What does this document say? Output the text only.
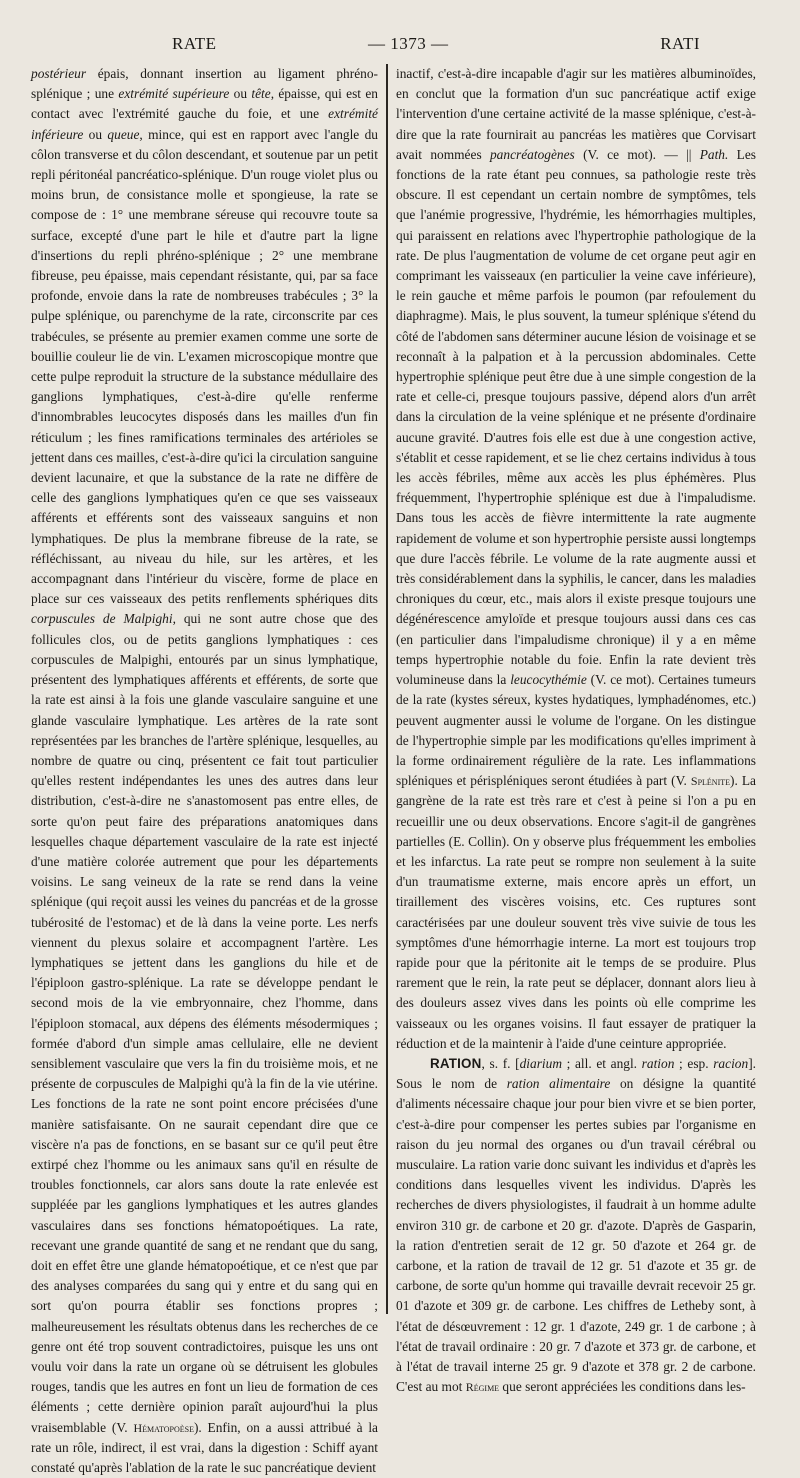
RATE	— 1373 —	RATI

postérieur épais, donnant insertion au ligament phréno-splénique ; une extrémité supérieure ou tête, épaisse, qui est en contact avec l'extrémité gauche du foie, et une extrémité inférieure ou queue, mince, qui est en rapport avec l'angle du côlon transverse et du côlon descendant, et soutenue par un petit repli péritonéal pancréatico-splénique. D'un rouge violet plus ou moins brun, de consistance molle et spongieuse, la rate se compose de : 1° une membrane séreuse qui recouvre toute sa surface, excepté d'une part le hile et d'autre part la ligne d'insertions du repli phréno-splénique ; 2° une membrane fibreuse, peu épaisse, mais cependant résistante, qui, par sa face profonde, envoie dans la rate de nombreuses trabécules ; 3° la pulpe splénique, ou parenchyme de la rate, circonscrite par ces trabécules, se présente au premier examen comme une sorte de bouillie couleur lie de vin. L'examen microscopique montre que cette pulpe reproduit la structure de la substance médullaire des ganglions lymphatiques, c'est-à-dire qu'elle renferme d'innombrables leucocytes disposés dans les mailles d'un fin réticulum ; les fines ramifications terminales des artérioles se jettent dans ces mailles, c'est-à-dire qu'ici la circulation sanguine devient lacunaire, et que la substance de la rate ne diffère de celle des ganglions lymphatiques qu'en ce que ses vaisseaux afférents et efférents sont des vaisseaux sanguins et non lymphatiques. De plus la membrane fibreuse de la rate, se réfléchissant, au niveau du hile, sur les artères, et les accompagnant dans l'intérieur du viscère, forme de place en place sur ces vaisseaux des petits renflements sphériques dits corpuscules de Malpighi, qui ne sont autre chose que des follicules clos, ou de petits ganglions lymphatiques : ces corpuscules de Malpighi, entourés par un sinus lymphatique, présentent des lymphatiques afférents et efférents, de sorte que la rate est ainsi à la fois une glande vasculaire sanguine et une glande vasculaire lymphatique. Les artères de la rate sont représentées par les branches de l'artère splénique, lesquelles, au nombre de quatre ou cinq, présentent ce fait tout particulier qu'elles restent indépendantes les unes des autres dans leur distribution, c'est-à-dire ne s'anastomosent pas entre elles, de sorte qu'on peut faire des préparations anatomiques dans lesquelles chaque département vasculaire de la rate est injecté d'une matière colorée autrement que pour les départements voisins. Le sang veineux de la rate se rend dans la veine splénique (qui reçoit aussi les veines du pancréas et de la grosse tubérosité de l'estomac) et de là dans la veine porte. Les nerfs viennent du plexus solaire et accompagnent l'artère. Les lymphatiques se jettent dans les ganglions du hile et de l'épiploon gastro-splénique. La rate se développe pendant le second mois de la vie embryonnaire, chez l'homme, dans l'épiploon stomacal, aux dépens des éléments mésodermiques ; formée d'abord d'un simple amas cellulaire, elle ne devient sensiblement vasculaire que vers la fin du troisième mois, et ne présente de corpuscules de Malpighi qu'à la fin de la vie utérine. Les fonctions de la rate ne sont point encore précisées d'une manière satisfaisante. On ne saurait cependant dire que ce viscère n'a pas de fonctions, en se basant sur ce qu'il peut être extirpé chez l'homme ou les animaux sans qu'il en résulte de troubles fonctionnels, car alors sans doute la rate enlevée est suppléée par les ganglions lymphatiques et les autres glandes vasculaires dans ses fonctions hématopoétiques. La rate, recevant une grande quantité de sang et ne rendant que du sang, doit en effet être une glande hématopoétique, et ce n'est que par des analyses comparées du sang qui y entre et du sang qui en sort qu'on pourra établir ses fonctions propres ; malheureusement les résultats obtenus dans les recherches de ce genre ont été trop souvent contradictoires, puisque les uns ont voulu voir dans la rate un organe où se détruisent les globules rouges, tandis que les autres en font un lieu de formation de ces éléments ; cette dernière opinion paraît aujourd'hui la plus vraisemblable (V. Hématopoèse). Enfin, on a aussi attribué à la rate un rôle, indirect, il est vrai, dans la digestion : Schiff ayant constaté qu'après l'ablation de la rate le suc pancréatique devient

inactif, c'est-à-dire incapable d'agir sur les matières albuminoïdes, en conclut que la formation d'un suc pancréatique actif exige l'intervention d'une certaine activité de la masse splénique, c'est-à-dire que la rate fournirait au pancréas les matières que Corvisart avait nommées pancréatogènes (V. ce mot). — || Path. Les fonctions de la rate étant peu connues, sa pathologie reste très obscure. Il est cependant un certain nombre de symptômes, tels que l'anémie progressive, l'hydrémie, les hémorrhagies multiples, qui paraissent en relations avec l'hypertrophie pathologique de la rate. De plus l'augmentation de volume de cet organe peut agir en comprimant les vaisseaux (en particulier la veine cave inférieure), le rein gauche et même parfois le poumon (par refoulement du diaphragme). Mais, le plus souvent, la tumeur splénique s'étend du côté de l'abdomen sans déterminer aucune lésion de voisinage et se reconnaît à la palpation et à la percussion abdominales. Cette hypertrophie splénique peut être due à une simple congestion de la rate et celle-ci, presque toujours passive, dépend alors d'un arrêt dans la circulation de la veine splénique et ne présente d'ordinaire aucune gravité. D'autres fois elle est due à une congestion active, s'établit et cesse rapidement, et se lie chez certains individus à tous les accès fébriles, même aux accès les plus éphémères. Plus fréquemment, l'hypertrophie splénique est due à l'impaludisme. Dans tous les accès de fièvre intermittente la rate augmente rapidement de volume et son hypertrophie persiste aussi longtemps que dure l'accès fébrile. Le volume de la rate augmente aussi et très considérablement dans la syphilis, le cancer, dans les maladies chroniques du cœur, etc., mais alors il existe presque toujours une dégénérescence amyloïde et presque toujours aussi dans ces cas (en particulier dans l'impaludisme chronique) il y a en même temps hypertrophie notable du foie. Enfin la rate devient très volumineuse dans la leucocythémie (V. ce mot). Certaines tumeurs de la rate (kystes séreux, kystes hydatiques, lymphadénomes, etc.) peuvent augmenter aussi le volume de l'organe. On les distingue de l'hypertrophie simple par les modifications qu'elles impriment à la forme ordinairement régulière de la rate. Les inflammations spléniques et périspléniques seront étudiées à part (V. Splénite). La gangrène de la rate est très rare et c'est à peine si l'on a pu en recueillir une ou deux observations. Encore s'agit-il de gangrènes partielles (E. Collin). On y observe plus fréquemment les embolies et les infarctus. La rate peut se rompre non seulement à la suite d'un traumatisme externe, mais encore après un effort, un tiraillement des viscères voisins, etc. Ces ruptures sont caractérisées par une douleur souvent très vive suivie de tous les symptômes d'une hémorrhagie interne. La mort est toujours trop rapide pour que la péritonite ait le temps de se produire. Plus rarement que le rein, la rate peut se déplacer, donnant alors lieu à des douleurs assez vives dans les points où elle comprime les vaisseaux ou les organes voisins. Il faut essayer de pratiquer la réduction et de la maintenir à l'aide d'une ceinture appropriée.

RATION, s. f. [diarium ; all. et angl. ration ; esp. racion]. Sous le nom de ration alimentaire on désigne la quantité d'aliments nécessaire chaque jour pour bien vivre et se bien porter, c'est-à-dire pour compenser les pertes subies par l'organisme en raison du jeu normal des organes ou d'un travail cérébral ou musculaire. La ration varie donc suivant les individus et d'après les conditions dans lesquelles vivent les individus. D'après les recherches de divers physiologistes, il faudrait à un homme adulte environ 310 gr. de carbone et 20 gr. d'azote. D'après de Gasparin, la ration d'entretien serait de 12 gr. 50 d'azote et 264 gr. de carbone, et la ration de travail de 12 gr. 51 d'azote et 35 gr. de carbone, de sorte qu'un homme qui travaille devrait recevoir 25 gr. 01 d'azote et 309 gr. de carbone. Les chiffres de Letheby sont, à l'état de désœuvrement : 12 gr. 1 d'azote, 249 gr. 1 de carbone ; à l'état de travail ordinaire : 20 gr. 7 d'azote et 373 gr. de carbone, et à l'état de travail interne 25 gr. 9 d'azote et 378 gr. 2 de carbone. C'est au mot Régime que seront appréciées les conditions dans les-
